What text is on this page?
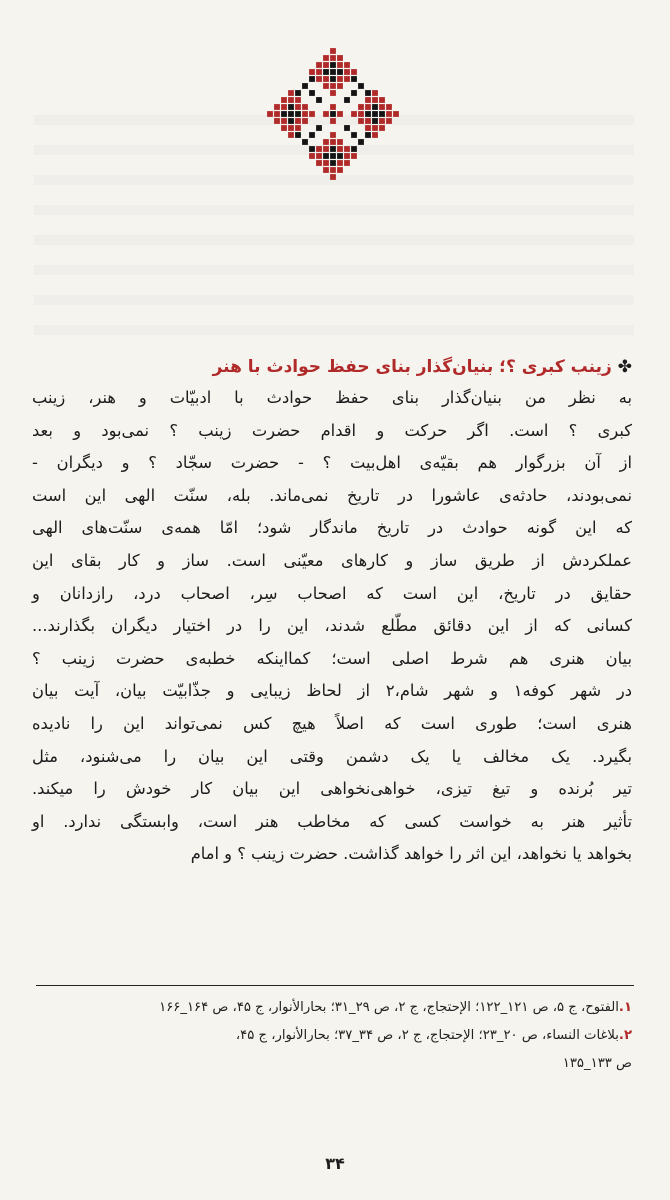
✤زینب کبری ؟؛ بنیان‌گذار بنای حفظ حوادث با هنر
به نظر من بنیان‌گذار بنای حفظ حوادث با ادبیّات و هنر، زینب
کبری ؟ است. اگر حرکت و اقدام حضرت زینب ؟ نمی‌بود و بعد
از آن بزرگوار هم بقیّه‌ی اهل‌بیت ؟ - حضرت سجّاد ؟ و دیگران -
نمی‌بودند، حادثه‌ی عاشورا در تاریخ نمی‌ماند. بله، سنّت الهی این است
که این گونه حوادث در تاریخ ماندگار شود؛ امّا همه‌ی سنّت‌های الهی
عملکردش از طریق ساز و کارهای معیّنی است. ساز و کار بقای این
حقایق در تاریخ، این است که اصحاب سِر، اصحاب درد، رازدانان و
کسانی که از این دقائق مطّلع شدند، این را در اختیار دیگران بگذارند...
بیان هنری هم شرط اصلی است؛ کمااینکه خطبه‌ی حضرت زینب ؟
در شهر کوفه۱ و شهر شام،۲ از لحاظ زیبایی و جذّابیّت بیان، آیت بیان
هنری است؛ طوری است که اصلاً هیچ کس نمی‌تواند این را نادیده
بگیرد. یک مخالف یا یک دشمن وقتی این بیان را می‌شنود، مثل
تیر بُرنده و تیغ تیزی، خواهی‌نخواهی این بیان کار خودش را میکند.
تأثیر هنر به خواست کسی که مخاطب هنر است، وابستگی ندارد. او
بخواهد یا نخواهد، این اثر را خواهد گذاشت. حضرت زینب ؟ و امام
۱.الفتوح، ج ۵، ص ۱۲۱_۱۲۲؛ الإحتجاج، ج ۲، ص ۲۹_۳۱؛ بحارالأنوار، ج ۴۵، ص ۱۶۴_۱۶۶
۲.بلاغات النساء، ص ۲۰_۲۳؛ الإحتجاج، ج ۲، ص ۳۴_۳۷؛ بحارالأنوار، ج ۴۵،
ص ۱۳۳_۱۳۵
۳۴
